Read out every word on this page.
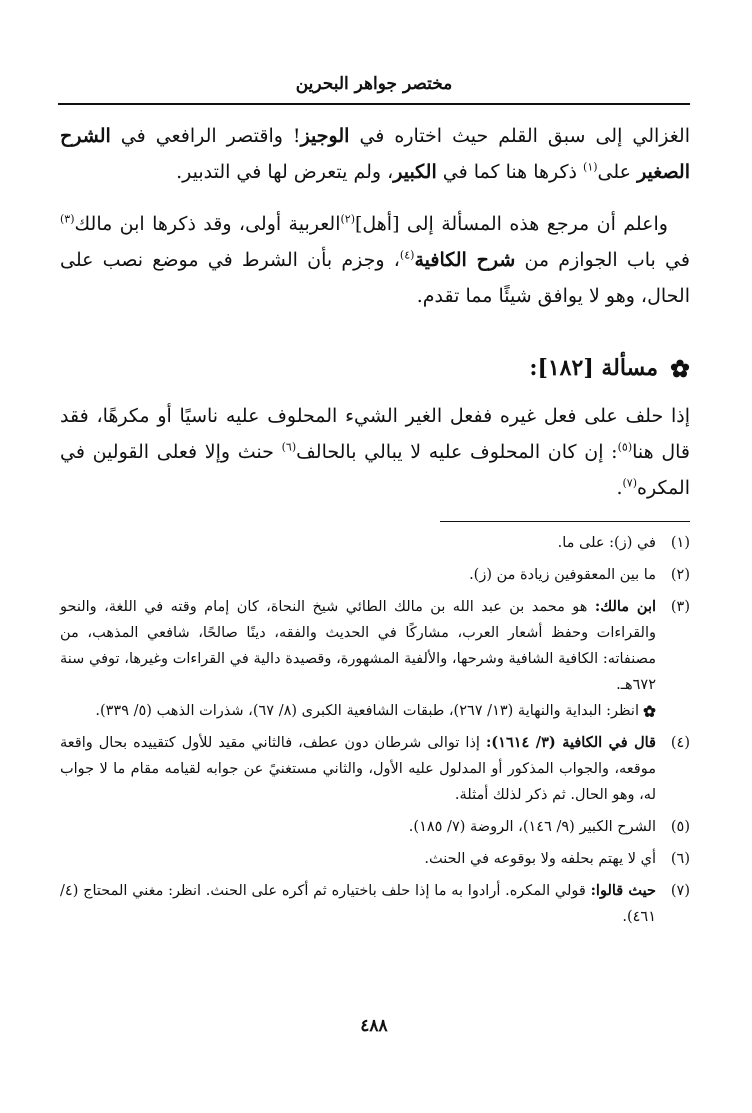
مختصر جواهر البحرين

الغزالي إلى سبق القلم حيث اختاره في الوجيز! واقتصر الرافعي في الشرح الصغير على$^{(١)}$ ذكرها هنا كما في الكبير، ولم يتعرض لها في التدبير.

واعلم أن مرجع هذه المسألة إلى [أهل]$^{(٢)}$العربية أولى، وقد ذكرها ابن مالك$^{(٣)}$ في باب الجوازم من شرح الكافية$^{(٤)}$، وجزم بأن الشرط في موضع نصب على الحال، وهو لا يوافق شيئًا مما تقدم.

مسألة [١٨٢]:

إذا حلف على فعل غيره ففعل الغير الشيء المحلوف عليه ناسيًا أو مكرهًا، فقد قال هنا$^{(٥)}$: إن كان المحلوف عليه لا يبالي بالحالف$^{(٦)}$ حنث وإلا فعلى القولين في المكره$^{(٧)}$.

(١)

في (ز): على ما.

(٢)

ما بين المعقوفين زيادة من (ز).

(٣)

ابن مالك: هو محمد بن عبد الله بن مالك الطائي شيخ النحاة، كان إمام وقته في اللغة، والنحو والقراءات وحفظ أشعار العرب، مشاركًا في الحديث والفقه، دينًا صالحًا، شافعي المذهب، من مصنفاته: الكافية الشافية وشرحها، والألفية المشهورة، وقصيدة دالية في القراءات وغيرها، توفي سنة ٦٧٢هـ.

انظر: البداية والنهاية (١٣/ ٢٦٧)، طبقات الشافعية الكبرى (٨/ ٦٧)، شذرات الذهب (٥/ ٣٣٩).

(٤)

قال في الكافية (٣/ ١٦١٤): إذا توالى شرطان دون عطف، فالثاني مقيد للأول كتقييده بحال واقعة موقعه، والجواب المذكور أو المدلول عليه الأول، والثاني مستغنيً عن جوابه لقيامه مقام ما لا جواب له، وهو الحال. ثم ذكر لذلك أمثلة.

(٥)

الشرح الكبير (٩/ ١٤٦)، الروضة (٧/ ١٨٥).

(٦)

أي لا يهتم بحلفه ولا بوقوعه في الحنث.

(٧)

حيث قالوا: قولي المكره. أرادوا به ما إذا حلف باختياره ثم أكره على الحنث. انظر: مغني المحتاج (٤/ ٤٦١).

٤٨٨
